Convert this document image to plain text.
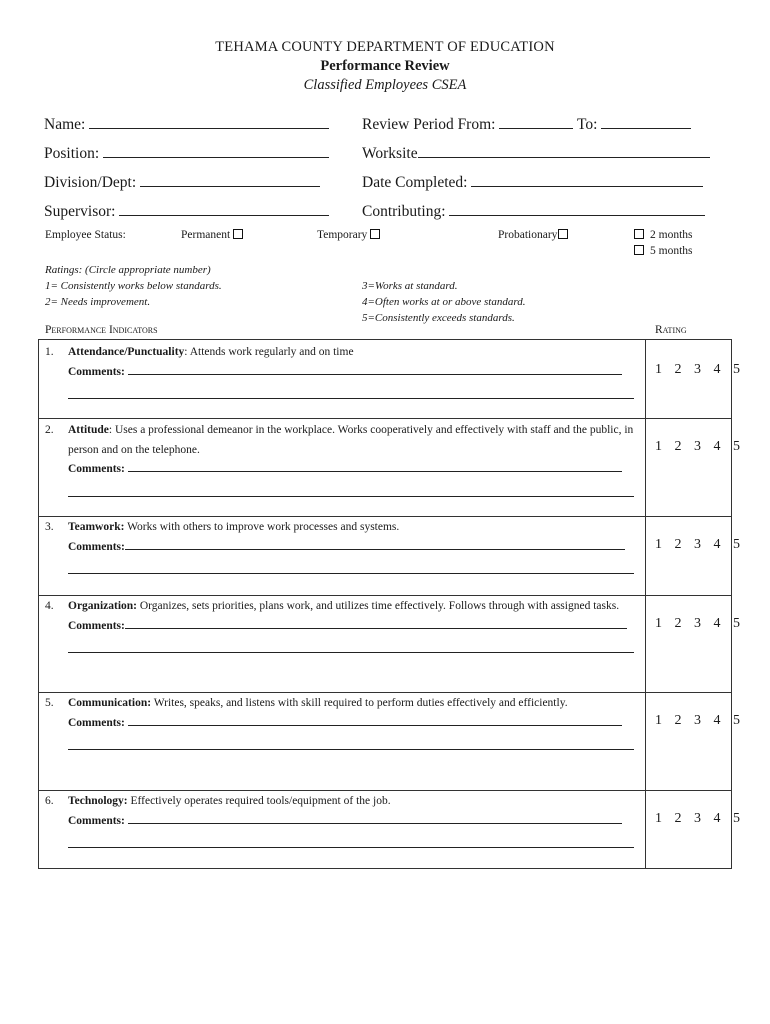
TEHAMA COUNTY DEPARTMENT OF EDUCATION
Performance Review
Classified Employees CSEA
Name:
Position:
Division/Dept:
Supervisor:
Review Period From:	To:
Worksite
Date Completed:
Contributing:
Employee Status:	Permanent	Temporary	Probationary	2 months
5 months
Ratings: (Circle appropriate number)
1= Consistently works below standards.
2= Needs improvement.
3=Works at standard.
4=Often works at or above standard.
5=Consistently exceeds standards.
Performance Indicators	Rating
1. Attendance/Punctuality: Attends work regularly and on time
Comments:	1 2 3 4 5
2. Attitude: Uses a professional demeanor in the workplace. Works cooperatively and effectively with staff and the public, in person and on the telephone.
Comments:
1 2 3 4 5
3. Teamwork: Works with others to improve work processes and systems.
Comments:	1 2 3 4 5
4. Organization: Organizes, sets priorities, plans work, and utilizes time effectively. Follows through with assigned tasks.
Comments:	1 2 3 4 5
5. Communication: Writes, speaks, and listens with skill required to perform duties effectively and efficiently.
Comments:	1 2 3 4 5
6. Technology: Effectively operates required tools/equipment of the job.
Comments:	1 2 3 4 5
